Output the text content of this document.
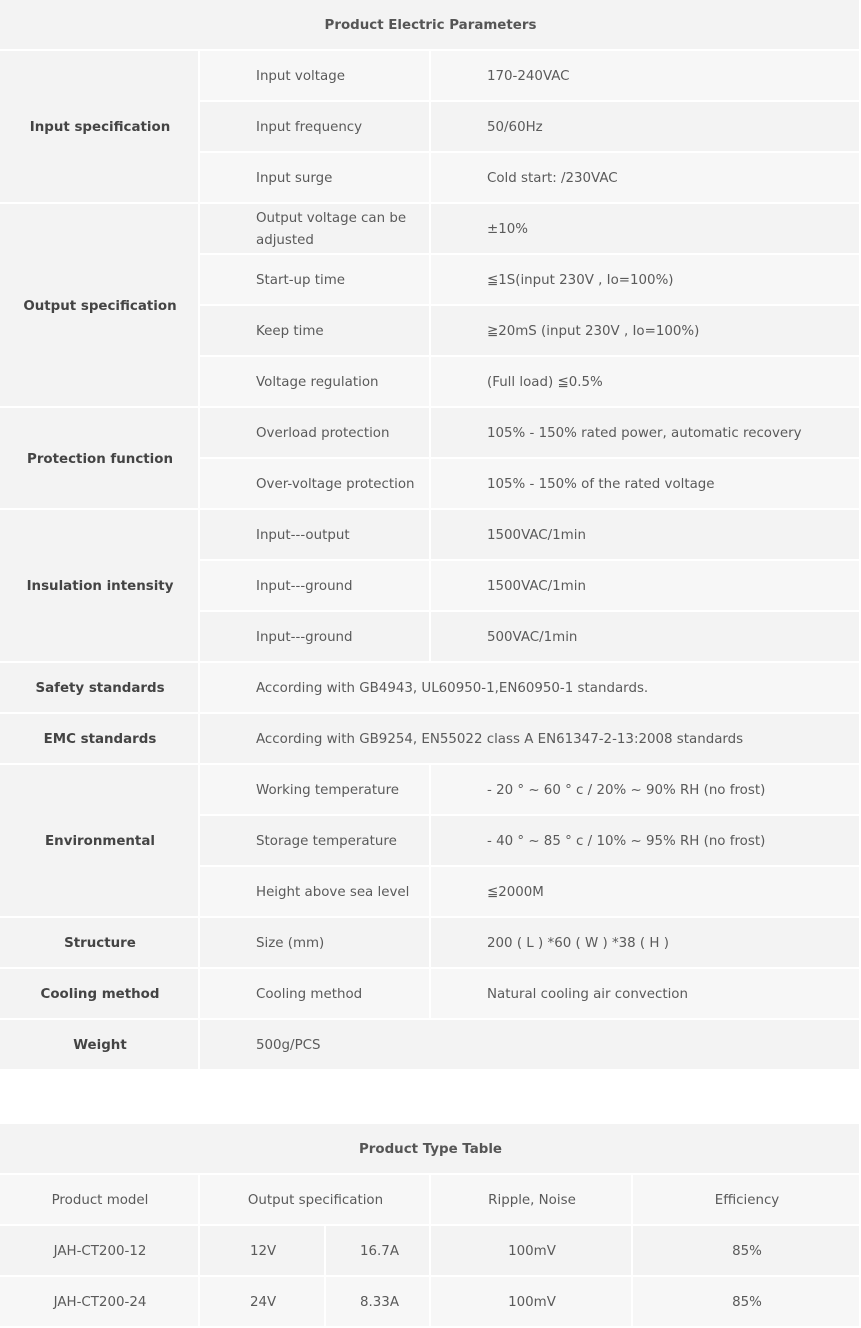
Product Electric Parameters		
Input specification	Input voltage	170-240VAC
	Input frequency	50/60Hz
	Input surge	Cold start: /230VAC
Output specification	Output voltage can be adjusted	±10%
	Start-up time	≦1S(input 230V , Io=100%)
	Keep time	≧20mS (input 230V , Io=100%)
	Voltage regulation	(Full load) ≦0.5%
Protection function	Overload protection	105% - 150% rated power, automatic recovery
	Over-voltage protection	105% - 150% of the rated voltage
Insulation intensity	Input---output	1500VAC/1min
	Input---ground	1500VAC/1min
	Input---ground	500VAC/1min
Safety standards	According with GB4943, UL60950-1,EN60950-1 standards.	
EMC standards	According with GB9254, EN55022 class A EN61347-2-13:2008 standards	
Environmental	Working temperature	- 20 ° ~ 60 ° c / 20% ~ 90% RH (no frost)
	Storage temperature	- 40 ° ~ 85 ° c / 10% ~ 95% RH (no frost)
	Height above sea level	≦2000M
Structure	Size (mm)	200 ( L ) *60 ( W ) *38 ( H )
Cooling method	Cooling method	Natural cooling air convection
Weight	500g/PCS	
Product Type Table				
Product model	Output specification		Ripple, Noise	Efficiency
JAH-CT200-12	12V	16.7A	100mV	85%
JAH-CT200-24	24V	8.33A	100mV	85%
